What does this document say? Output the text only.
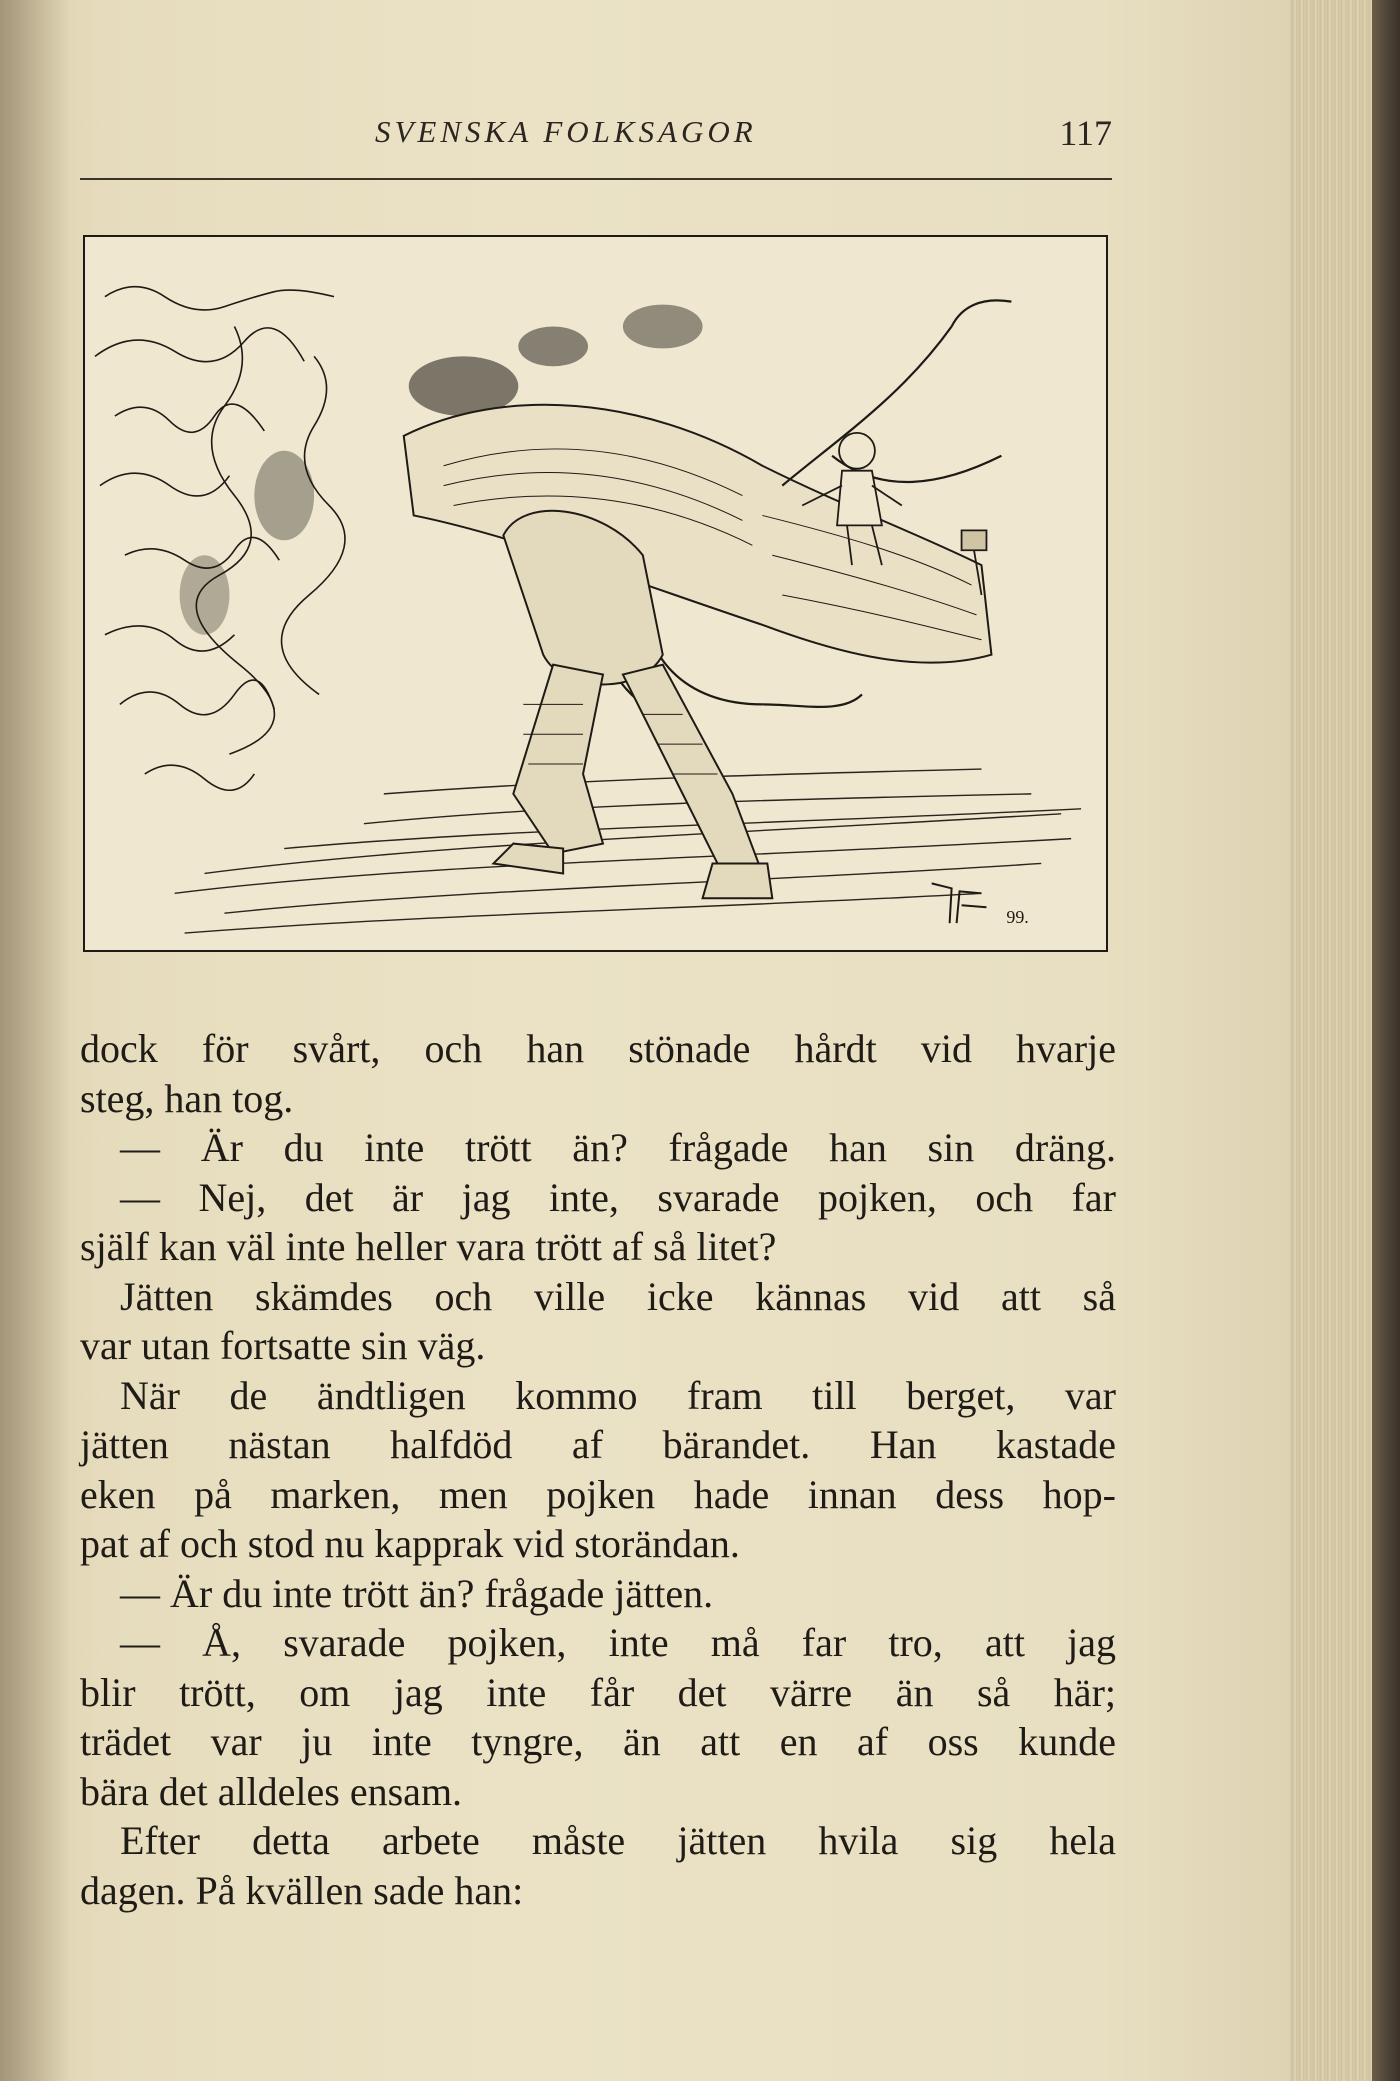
SVENSKA FOLKSAGOR	117
99.
dock för svårt, och han stönade hårdt vid hvarje
steg, han tog.
— Är du inte trött än? frågade han sin dräng.
— Nej, det är jag inte, svarade pojken, och far
själf kan väl inte heller vara trött af så litet?
Jätten skämdes och ville icke kännas vid att så
var utan fortsatte sin väg.
När de ändtligen kommo fram till berget, var
jätten nästan halfdöd af bärandet. Han kastade
eken på marken, men pojken hade innan dess hop-
pat af och stod nu kapprak vid storändan.
— Är du inte trött än? frågade jätten.
— Å, svarade pojken, inte må far tro, att jag
blir trött, om jag inte får det värre än så här;
trädet var ju inte tyngre, än att en af oss kunde
bära det alldeles ensam.
Efter detta arbete måste jätten hvila sig hela
dagen. På kvällen sade han:
